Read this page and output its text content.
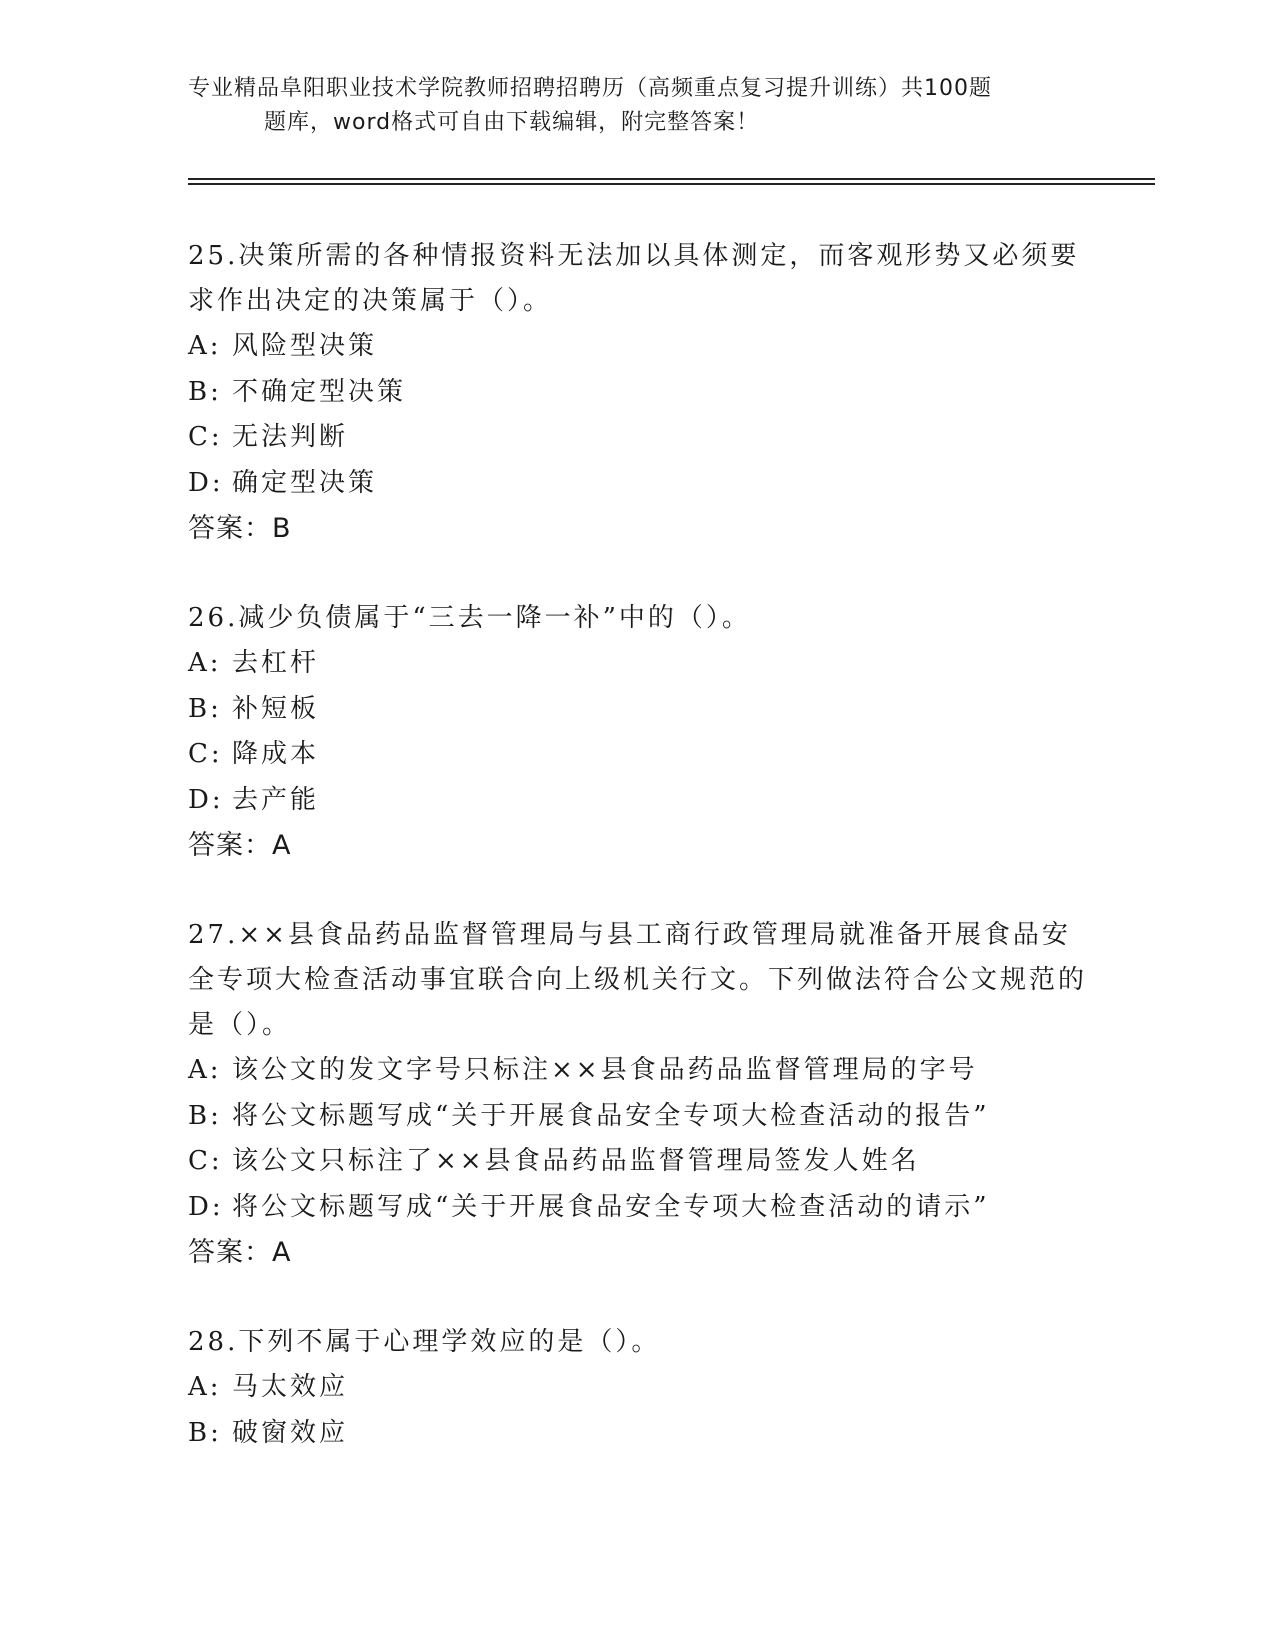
专业精品阜阳职业技术学院教师招聘招聘历（高频重点复习提升训练）共100题
题库，word格式可自由下载编辑，附完整答案！
25.决策所需的各种情报资料无法加以具体测定，而客观形势又必须要求作出决定的决策属于（）。
A: 风险型决策
B: 不确定型决策
C: 无法判断
D: 确定型决策
答案：B
26.减少负债属于“三去一降一补”中的（）。
A: 去杠杆
B: 补短板
C: 降成本
D: 去产能
答案：A
27.××县食品药品监督管理局与县工商行政管理局就准备开展食品安全专项大检查活动事宜联合向上级机关行文。下列做法符合公文规范的是（）。
A: 该公文的发文字号只标注××县食品药品监督管理局的字号
B: 将公文标题写成“关于开展食品安全专项大检查活动的报告”
C: 该公文只标注了××县食品药品监督管理局签发人姓名
D: 将公文标题写成“关于开展食品安全专项大检查活动的请示”
答案：A
28.下列不属于心理学效应的是（）。
A: 马太效应
B: 破窗效应
